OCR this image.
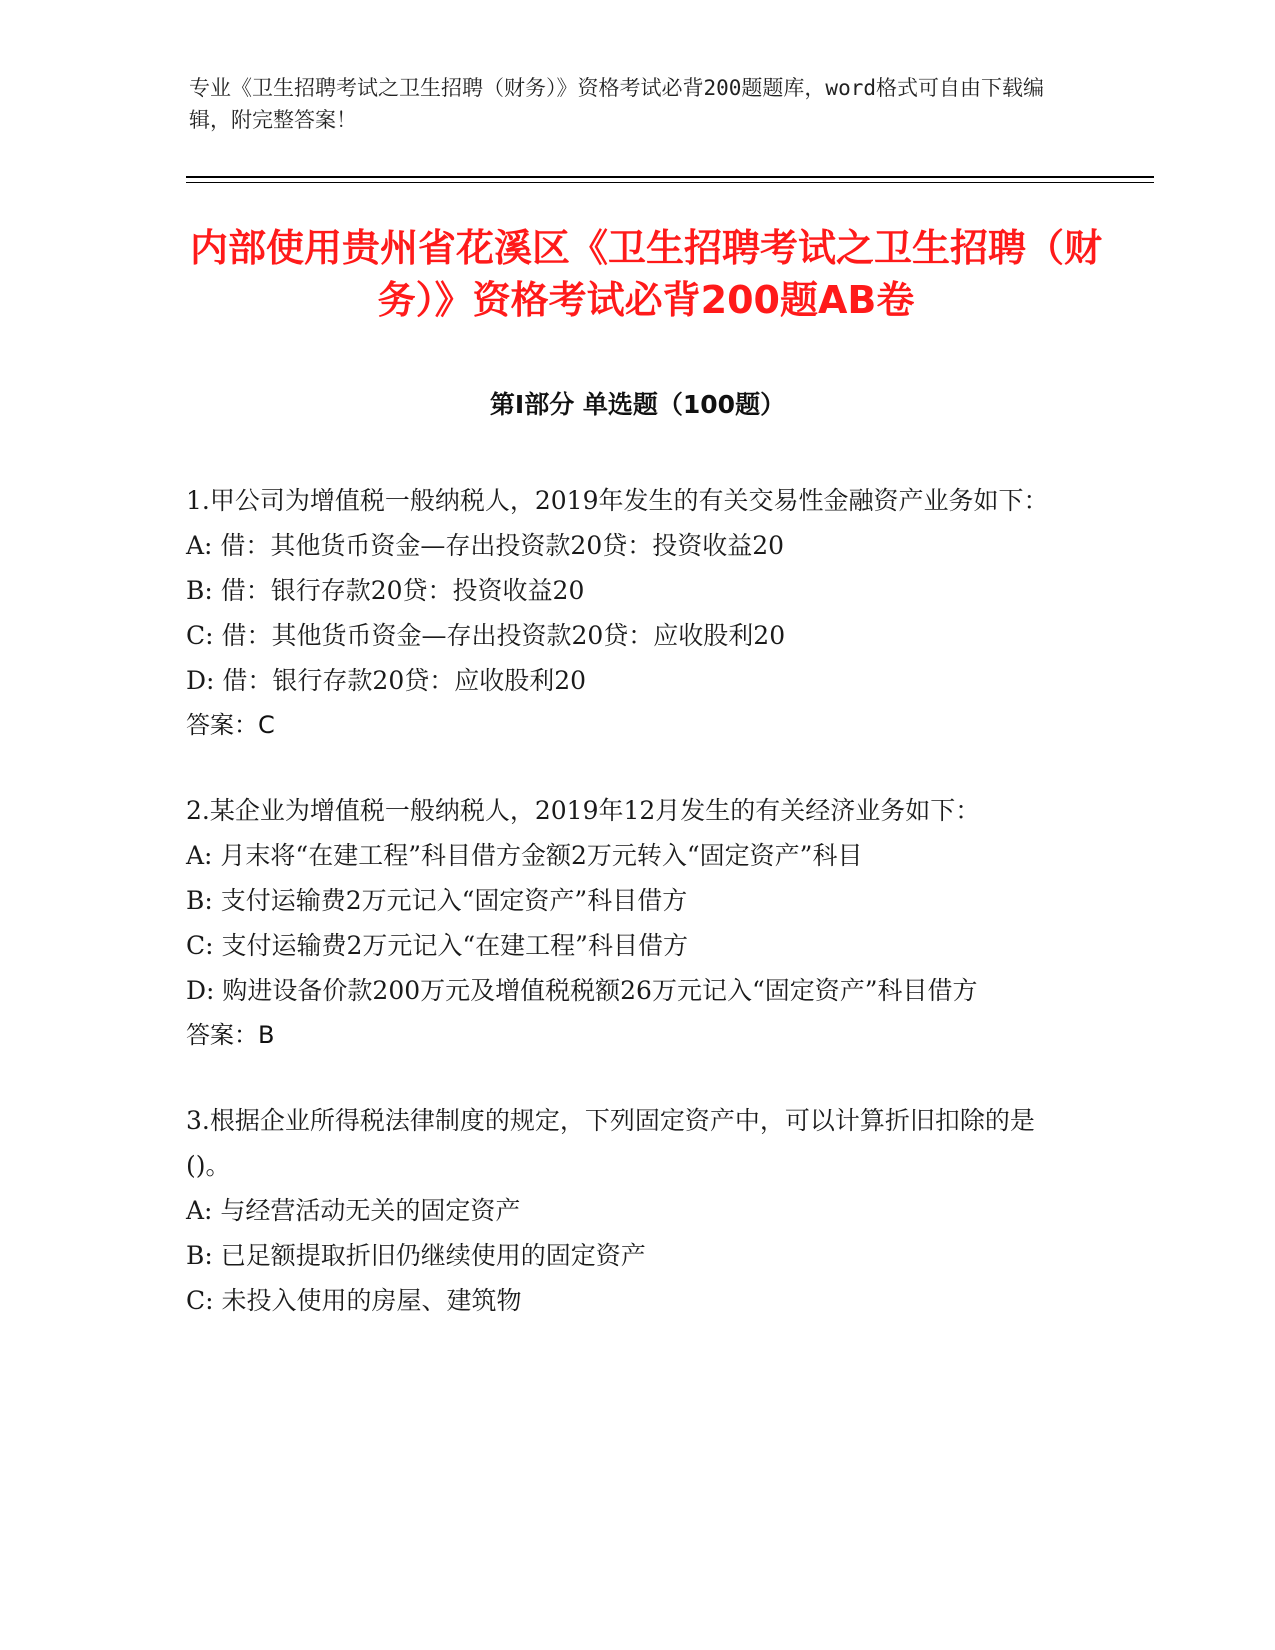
专业《卫生招聘考试之卫生招聘（财务）》资格考试必背200题题库，word格式可自由下载编辑，附完整答案！
内部使用贵州省花溪区《卫生招聘考试之卫生招聘（财务）》资格考试必背200题AB卷
第Ⅰ部分 单选题（100题）

1.甲公司为增值税一般纳税人，2019年发生的有关交易性金融资产业务如下：

A: 借：其他货币资金—存出投资款20贷：投资收益20

B: 借：银行存款20贷：投资收益20

C: 借：其他货币资金—存出投资款20贷：应收股利20

D: 借：银行存款20贷：应收股利20

答案：C

2.某企业为增值税一般纳税人，2019年12月发生的有关经济业务如下：

A: 月末将“在建工程”科目借方金额2万元转入“固定资产”科目

B: 支付运输费2万元记入“固定资产”科目借方

C: 支付运输费2万元记入“在建工程”科目借方

D: 购进设备价款200万元及增值税税额26万元记入“固定资产”科目借方

答案：B

3.根据企业所得税法律制度的规定，下列固定资产中，可以计算折旧扣除的是()。

A: 与经营活动无关的固定资产

B: 已足额提取折旧仍继续使用的固定资产

C: 未投入使用的房屋、建筑物
